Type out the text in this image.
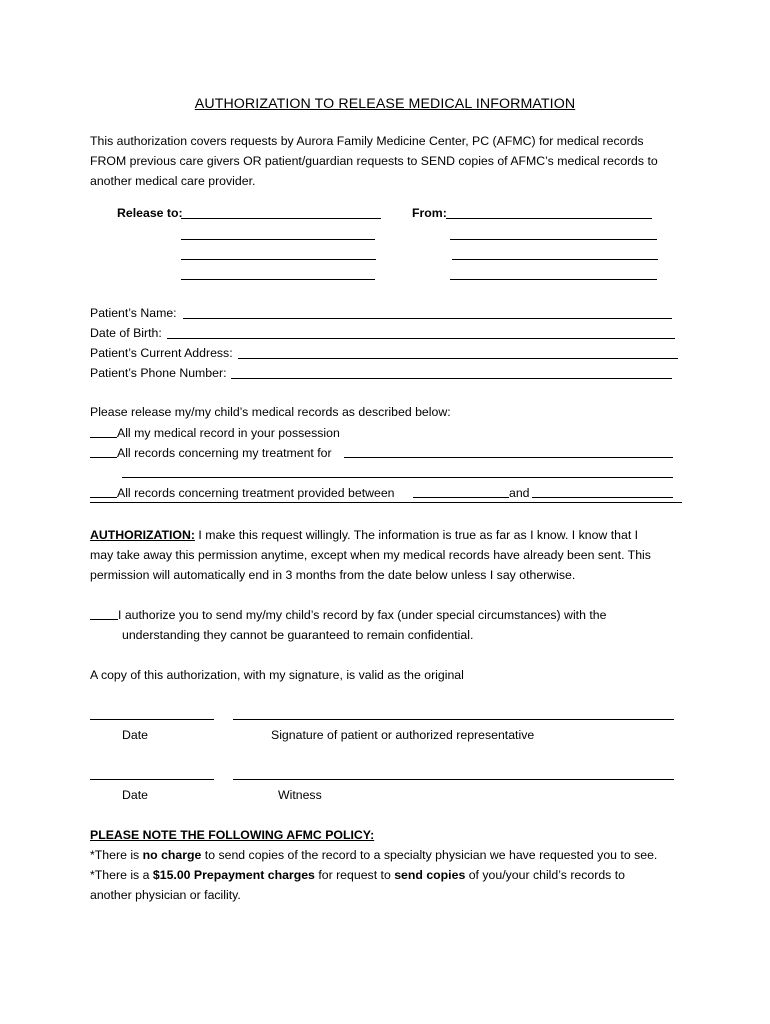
AUTHORIZATION TO RELEASE MEDICAL INFORMATION
This authorization covers requests by Aurora Family Medicine Center, PC (AFMC) for medical records
FROM previous care givers OR patient/guardian requests to SEND copies of AFMC’s medical records to
another medical care provider.
Release to:	From:
Patient’s Name:
Date of Birth:
Patient’s Current Address:
Patient’s Phone Number:
Please release my/my child’s medical records as described below:
All my medical record in your possession
All records concerning my treatment for
All records concerning treatment provided between	and
AUTHORIZATION: I make this request willingly. The information is true as far as I know. I know that I
may take away this permission anytime, except when my medical records have already been sent. This
permission will automatically end in 3 months from the date below unless I say otherwise.
I authorize you to send my/my child’s record by fax (under special circumstances) with the
understanding they cannot be guaranteed to remain confidential.
A copy of this authorization, with my signature, is valid as the original
Date	Signature of patient or authorized representative
Date	Witness
PLEASE NOTE THE FOLLOWING AFMC POLICY:
*There is no charge to send copies of the record to a specialty physician we have requested you to see.
*There is a $15.00 Prepayment charges for request to send copies of you/your child’s records to
another physician or facility.
